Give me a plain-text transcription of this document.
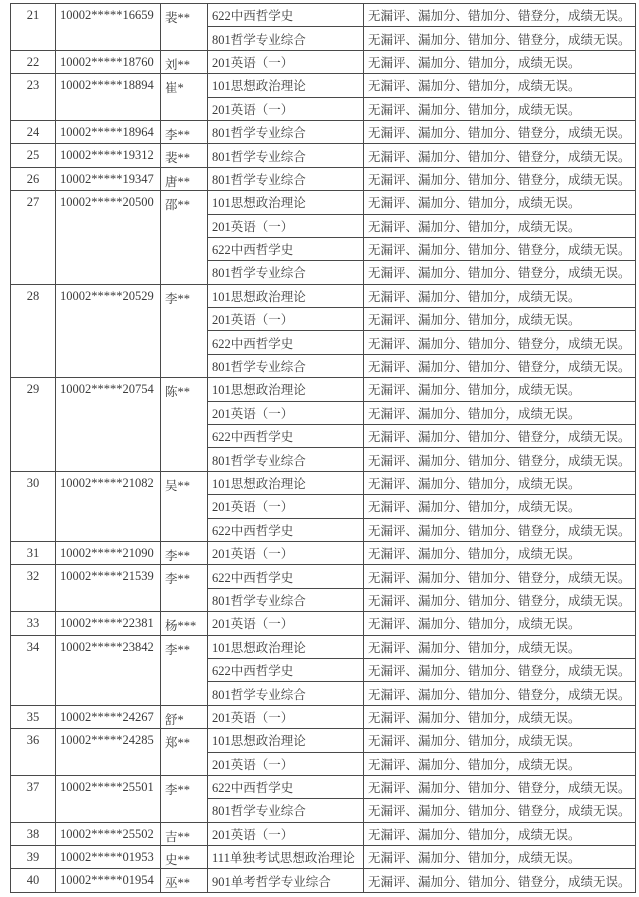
21	10002*****16659	裴**	622中西哲学史	无漏评、漏加分、错加分、错登分，成绩无误。
			801哲学专业综合	无漏评、漏加分、错加分、错登分，成绩无误。
22	10002*****18760	刘**	201英语（一）	无漏评、漏加分、错加分，成绩无误。
23	10002*****18894	崔*	101思想政治理论	无漏评、漏加分、错加分，成绩无误。
			201英语（一）	无漏评、漏加分、错加分，成绩无误。
24	10002*****18964	李**	801哲学专业综合	无漏评、漏加分、错加分、错登分，成绩无误。
25	10002*****19312	裴**	801哲学专业综合	无漏评、漏加分、错加分、错登分，成绩无误。
26	10002*****19347	唐**	801哲学专业综合	无漏评、漏加分、错加分、错登分，成绩无误。
27	10002*****20500	邵**	101思想政治理论	无漏评、漏加分、错加分，成绩无误。
			201英语（一）	无漏评、漏加分、错加分，成绩无误。
			622中西哲学史	无漏评、漏加分、错加分、错登分，成绩无误。
			801哲学专业综合	无漏评、漏加分、错加分、错登分，成绩无误。
28	10002*****20529	李**	101思想政治理论	无漏评、漏加分、错加分，成绩无误。
			201英语（一）	无漏评、漏加分、错加分，成绩无误。
			622中西哲学史	无漏评、漏加分、错加分、错登分，成绩无误。
			801哲学专业综合	无漏评、漏加分、错加分、错登分，成绩无误。
29	10002*****20754	陈**	101思想政治理论	无漏评、漏加分、错加分，成绩无误。
			201英语（一）	无漏评、漏加分、错加分，成绩无误。
			622中西哲学史	无漏评、漏加分、错加分、错登分，成绩无误。
			801哲学专业综合	无漏评、漏加分、错加分、错登分，成绩无误。
30	10002*****21082	吴**	101思想政治理论	无漏评、漏加分、错加分，成绩无误。
			201英语（一）	无漏评、漏加分、错加分，成绩无误。
			622中西哲学史	无漏评、漏加分、错加分、错登分，成绩无误。
31	10002*****21090	李**	201英语（一）	无漏评、漏加分、错加分，成绩无误。
32	10002*****21539	李**	622中西哲学史	无漏评、漏加分、错加分、错登分，成绩无误。
			801哲学专业综合	无漏评、漏加分、错加分、错登分，成绩无误。
33	10002*****22381	杨***	201英语（一）	无漏评、漏加分、错加分，成绩无误。
34	10002*****23842	李**	101思想政治理论	无漏评、漏加分、错加分，成绩无误。
			622中西哲学史	无漏评、漏加分、错加分、错登分，成绩无误。
			801哲学专业综合	无漏评、漏加分、错加分、错登分，成绩无误。
35	10002*****24267	舒*	201英语（一）	无漏评、漏加分、错加分，成绩无误。
36	10002*****24285	郑**	101思想政治理论	无漏评、漏加分、错加分，成绩无误。
			201英语（一）	无漏评、漏加分、错加分，成绩无误。
37	10002*****25501	李**	622中西哲学史	无漏评、漏加分、错加分、错登分，成绩无误。
			801哲学专业综合	无漏评、漏加分、错加分、错登分，成绩无误。
38	10002*****25502	吉**	201英语（一）	无漏评、漏加分、错加分，成绩无误。
39	10002*****01953	史**	111单独考试思想政治理论	无漏评、漏加分、错加分，成绩无误。
40	10002*****01954	巫**	901单考哲学专业综合	无漏评、漏加分、错加分、错登分，成绩无误。
